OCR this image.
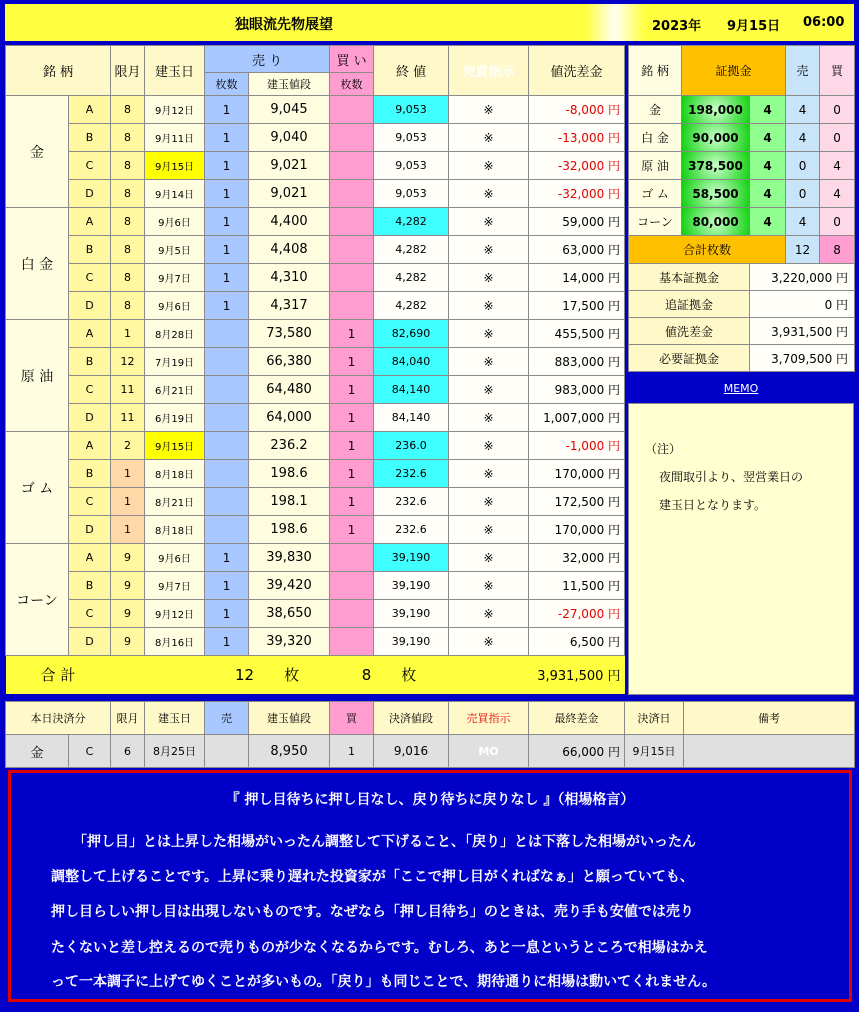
独眼流先物展望	2023年 9月15日 06:00
銘 柄		限月	建玉日	売 り		買 い	終 値	売買指示	値洗差金
				枚数	建玉値段	枚数			
金	A	8	9月12日	1	9,045		9,053	※	-8,000 円
	B	8	9月11日	1	9,040		9,053	※	-13,000 円
	C	8	9月15日	1	9,021		9,053	※	-32,000 円
	D	8	9月14日	1	9,021		9,053	※	-32,000 円
白 金	A	8	9月6日	1	4,400		4,282	※	59,000 円
	B	8	9月5日	1	4,408		4,282	※	63,000 円
	C	8	9月7日	1	4,310		4,282	※	14,000 円
	D	8	9月6日	1	4,317		4,282	※	17,500 円
原 油	A	1	8月28日		73,580	1	82,690	※	455,500 円
	B	12	7月19日		66,380	1	84,040	※	883,000 円
	C	11	6月21日		64,480	1	84,140	※	983,000 円
	D	11	6月19日		64,000	1	84,140	※	1,007,000 円
ゴ ム	A	2	9月15日		236.2	1	236.0	※	-1,000 円
	B	1	8月18日		198.6	1	232.6	※	170,000 円
	C	1	8月21日		198.1	1	232.6	※	172,500 円
	D	1	8月18日		198.6	1	232.6	※	170,000 円
コーン	A	9	9月6日	1	39,830		39,190	※	32,000 円
	B	9	9月7日	1	39,420		39,190	※	11,500 円
	C	9	9月12日	1	38,650		39,190	※	-27,000 円
	D	9	8月16日	1	39,320		39,190	※	6,500 円
合 計				12　　 枚		8　　 枚			3,931,500 円
銘 柄	証拠金		売	買
金	198,000	4	4	0
白 金	90,000	4	4	0
原 油	378,500	4	0	4
ゴ ム	58,500	4	0	4
コーン	80,000	4	4	0
合計枚数			12	8
基本証拠金		3,220,000 円		
追証拠金		0 円		
値洗差金		3,931,500 円		
必要証拠金		3,709,500 円		
MEMO
（注）
夜間取引より、翌営業日の
建玉日となります。
本日決済分		限月	建玉日	売	建玉値段	買	決済値段	売買指示	最終差金	決済日	備考
金	C	6	8月25日		8,950	1	9,016	MO	66,000 円	9月15日	
『 押し目待ちに押し目なし、戻り待ちに戻りなし 』（相場格言）

「押し目」とは上昇した相場がいったん調整して下げること、「戻り」とは下落した相場がいったん

調整して上げることです。上昇に乗り遅れた投資家が「ここで押し目がくればなぁ」と願っていても、

押し目らしい押し目は出現しないものです。なぜなら「押し目待ち」のときは、売り手も安値では売り

たくないと差し控えるので売りものが少なくなるからです。むしろ、あと一息というところで相場はかえ

って一本調子に上げてゆくことが多いもの。「戻り」も同じことで、期待通りに相場は動いてくれません。
